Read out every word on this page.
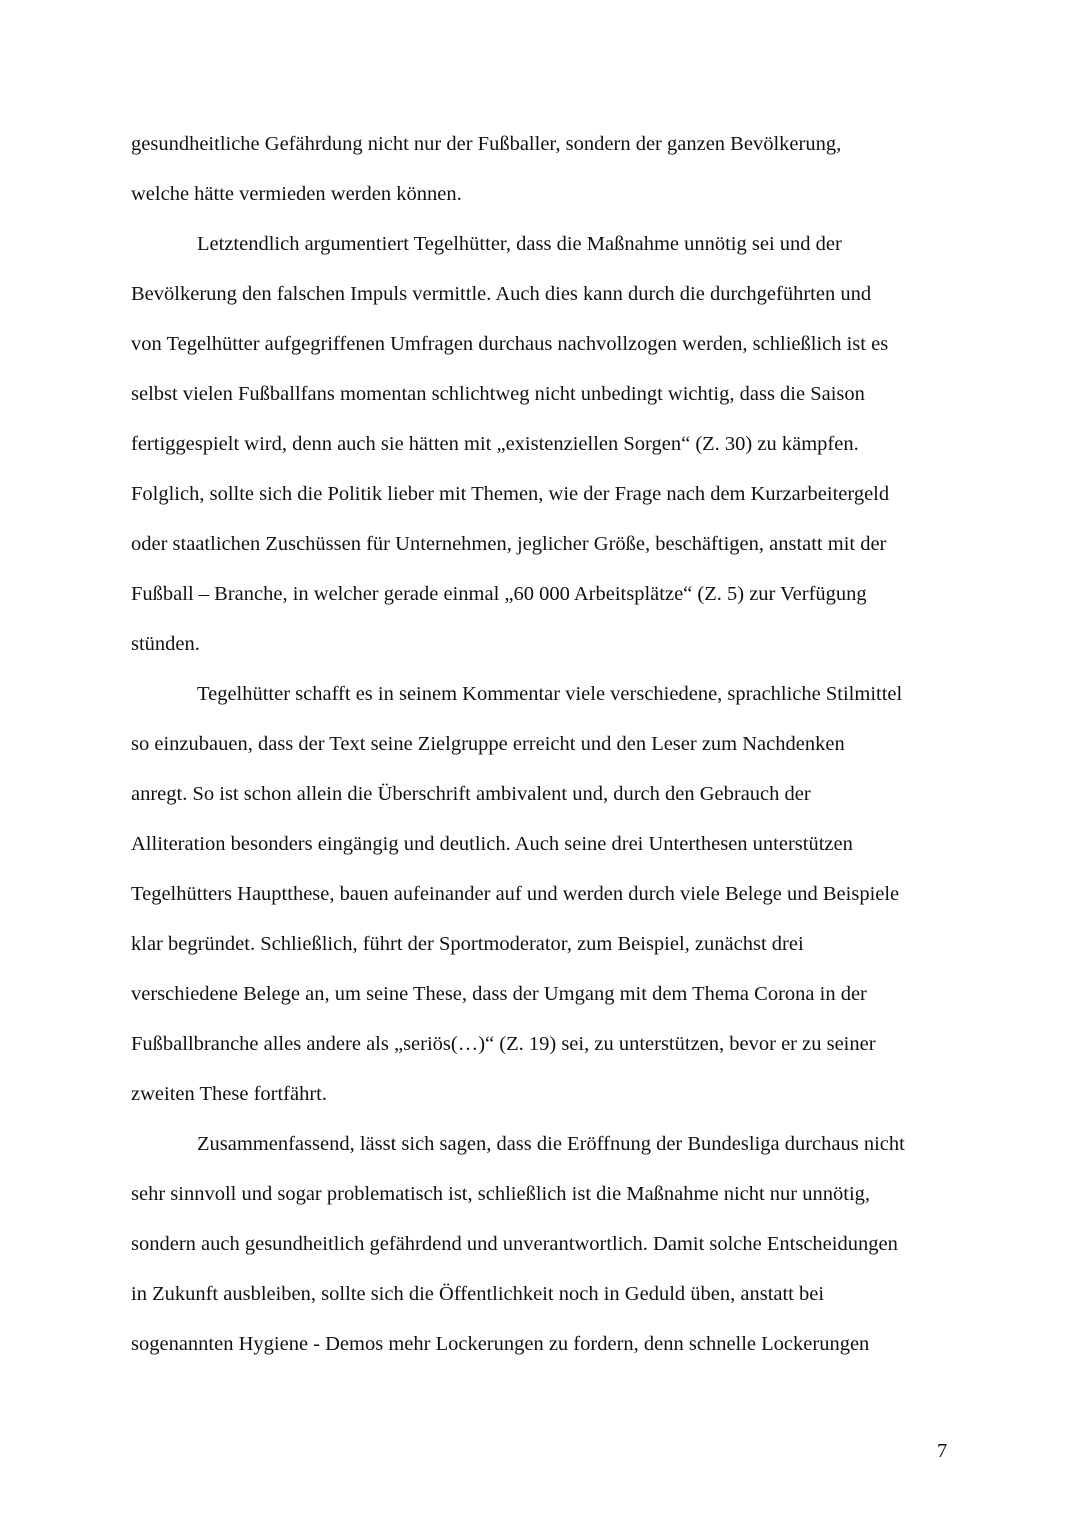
gesundheitliche Gefährdung nicht nur der Fußballer, sondern der ganzen Bevölkerung,

welche hätte vermieden werden können.

Letztendlich argumentiert Tegelhütter, dass die Maßnahme unnötig sei und der

Bevölkerung den falschen Impuls vermittle. Auch dies kann durch die durchgeführten und

von Tegelhütter aufgegriffenen Umfragen durchaus nachvollzogen werden, schließlich ist es

selbst vielen Fußballfans momentan schlichtweg nicht unbedingt wichtig, dass die Saison

fertiggespielt wird, denn auch sie hätten mit „existenziellen Sorgen“ (Z. 30) zu kämpfen.

Folglich, sollte sich die Politik lieber mit Themen, wie der Frage nach dem Kurzarbeitergeld

oder staatlichen Zuschüssen für Unternehmen, jeglicher Größe, beschäftigen, anstatt mit der

Fußball – Branche, in welcher gerade einmal „60 000 Arbeitsplätze“ (Z. 5) zur Verfügung

stünden.

Tegelhütter schafft es in seinem Kommentar viele verschiedene, sprachliche Stilmittel

so einzubauen, dass der Text seine Zielgruppe erreicht und den Leser zum Nachdenken

anregt. So ist schon allein die Überschrift ambivalent und, durch den Gebrauch der

Alliteration besonders eingängig und deutlich. Auch seine drei Unterthesen unterstützen

Tegelhütters Hauptthese, bauen aufeinander auf und werden durch viele Belege und Beispiele

klar begründet. Schließlich, führt der Sportmoderator, zum Beispiel, zunächst drei

verschiedene Belege an, um seine These, dass der Umgang mit dem Thema Corona in der

Fußballbranche alles andere als „seriös(…)“ (Z. 19) sei, zu unterstützen, bevor er zu seiner

zweiten These fortfährt.

Zusammenfassend, lässt sich sagen, dass die Eröffnung der Bundesliga durchaus nicht

sehr sinnvoll und sogar problematisch ist, schließlich ist die Maßnahme nicht nur unnötig,

sondern auch gesundheitlich gefährdend und unverantwortlich. Damit solche Entscheidungen

in Zukunft ausbleiben, sollte sich die Öffentlichkeit noch in Geduld üben, anstatt bei

sogenannten Hygiene - Demos mehr Lockerungen zu fordern, denn schnelle Lockerungen

7
